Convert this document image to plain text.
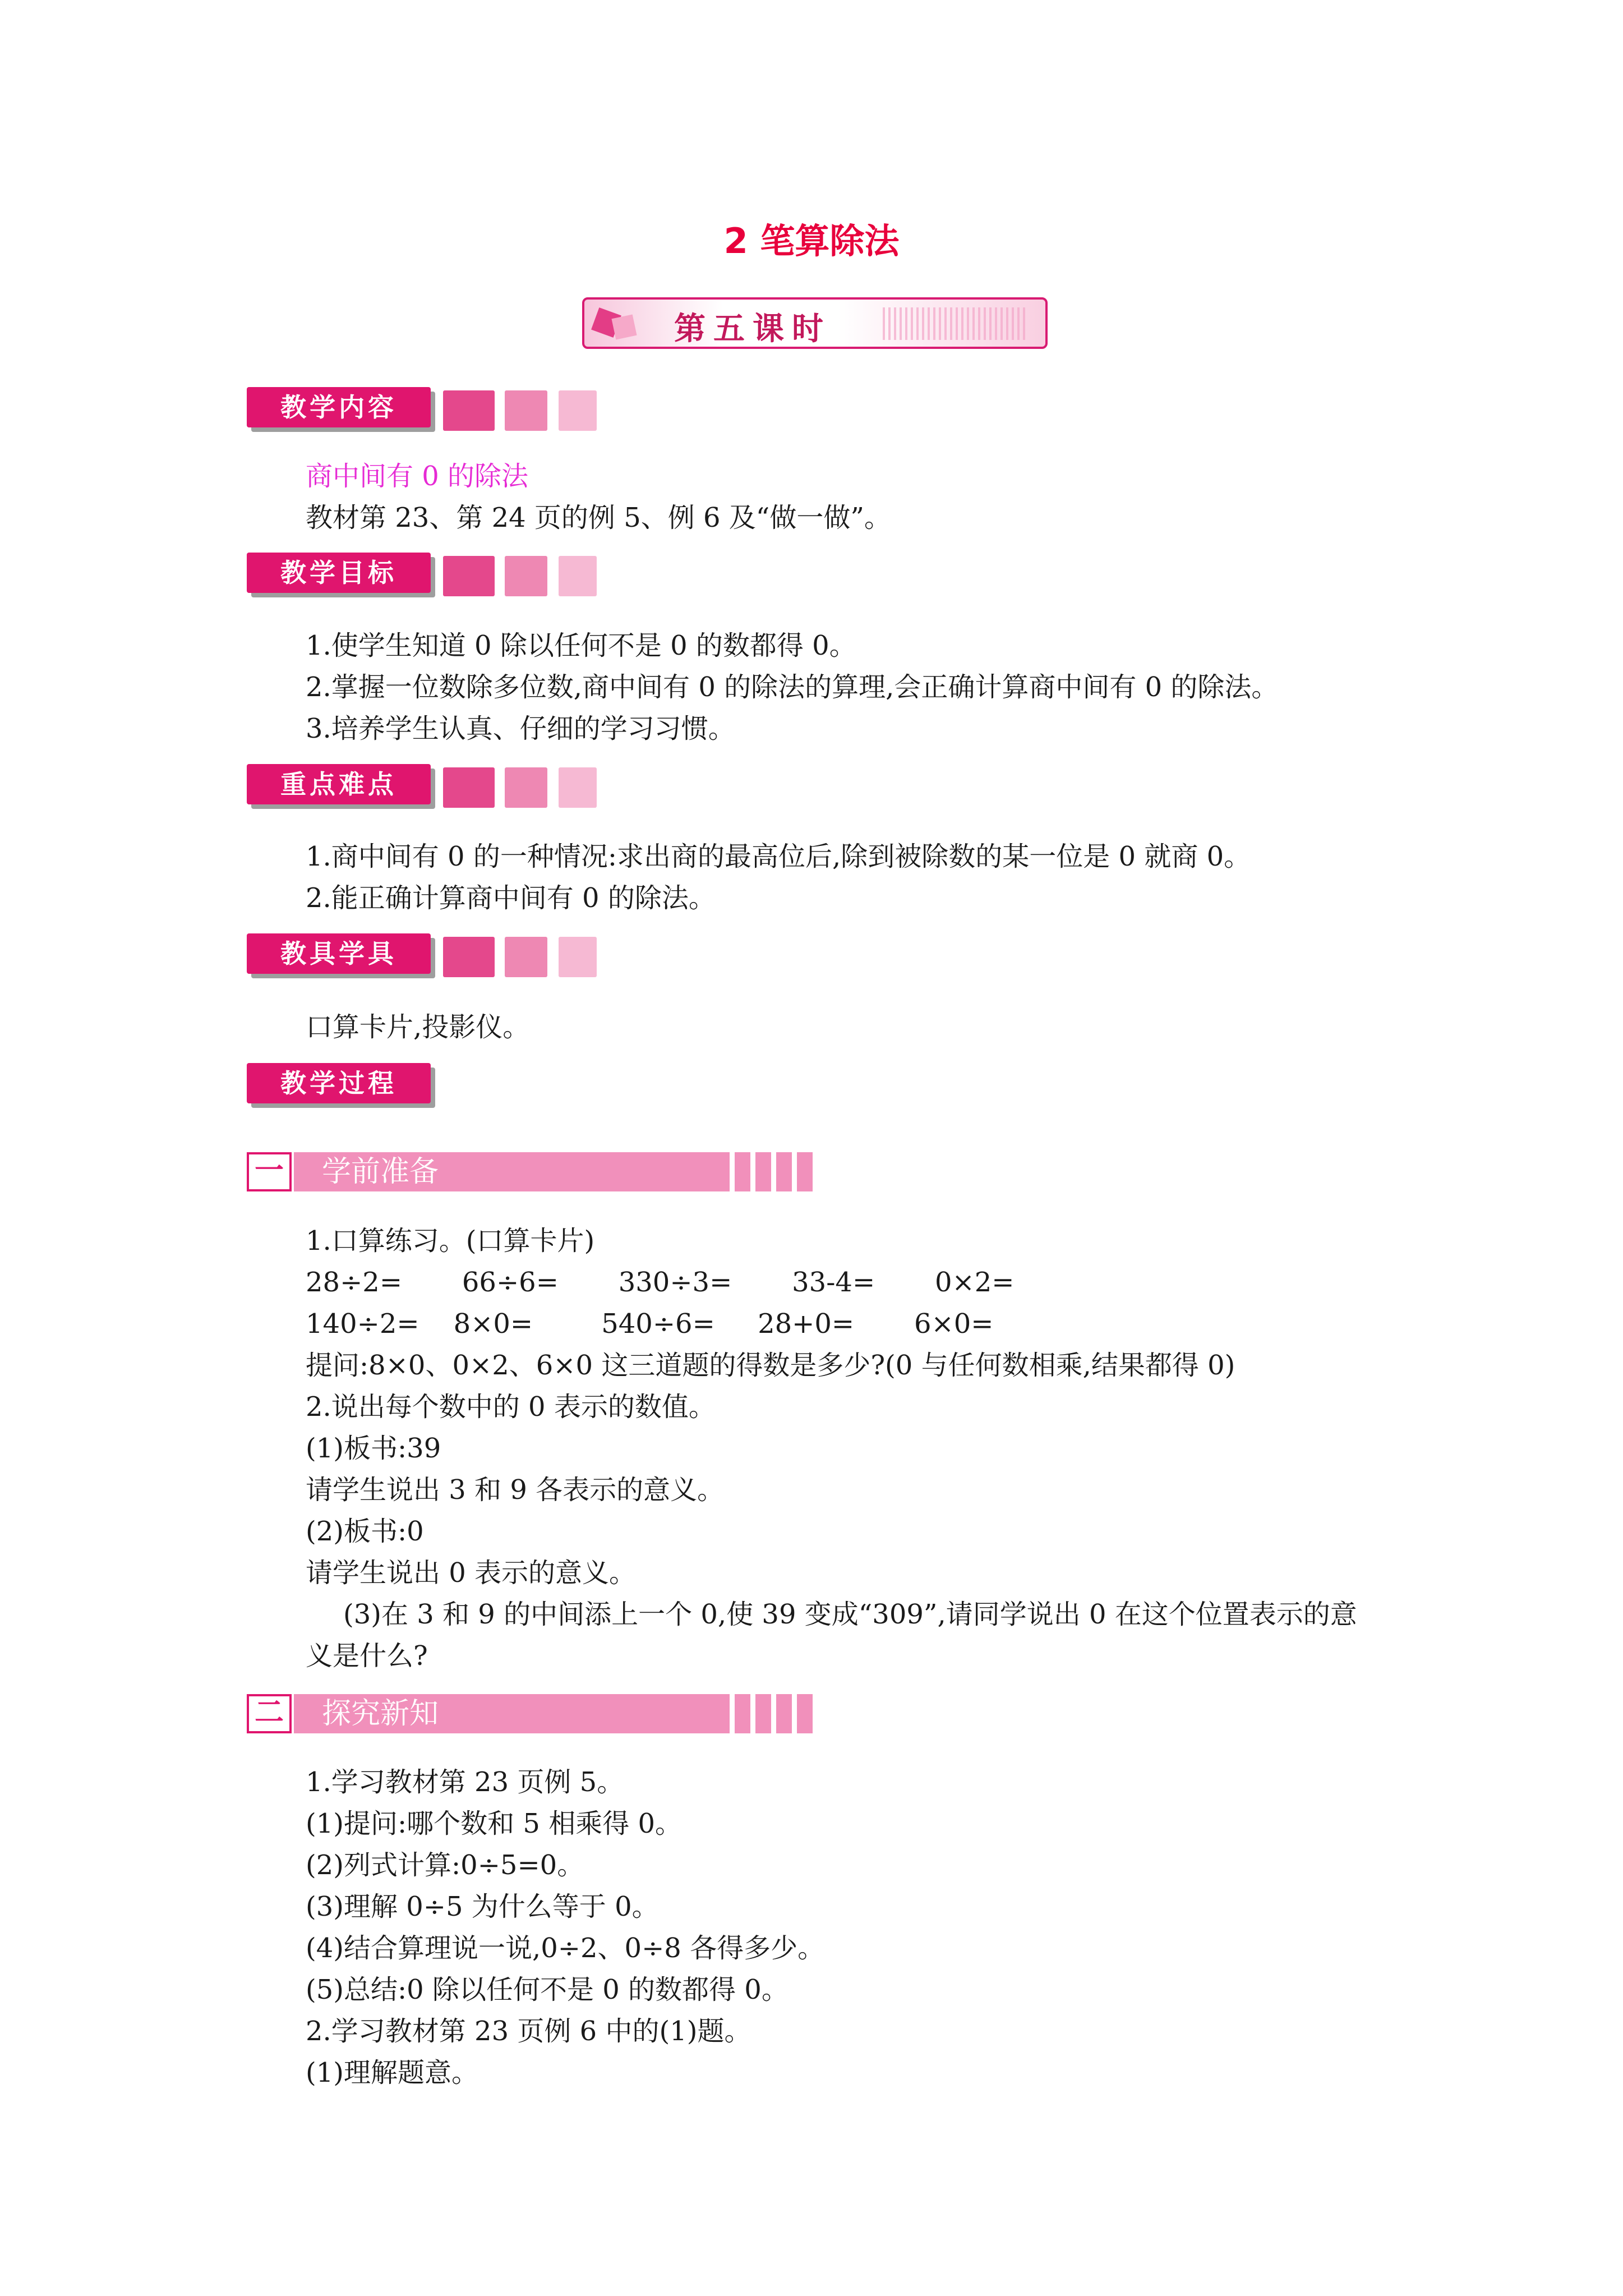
2 笔算除法
第五课时
教学内容
商中间有 0 的除法
教材第 23、第 24 页的例 5、例 6 及“做一做”。
教学目标
1.使学生知道 0 除以任何不是 0 的数都得 0。
2.掌握一位数除多位数,商中间有 0 的除法的算理,会正确计算商中间有 0 的除法。
3.培养学生认真、仔细的学习习惯。
重点难点
1.商中间有 0 的一种情况:求出商的最高位后,除到被除数的某一位是 0 就商 0。
2.能正确计算商中间有 0 的除法。
教具学具
口算卡片,投影仪。
教学过程
一 学前准备
1.口算练习。(口算卡片)
28÷2=       66÷6=       330÷3=       33-4=       0×2=
140÷2=    8×0=        540÷6=     28+0=       6×0=
提问:8×0、0×2、6×0 这三道题的得数是多少?(0 与任何数相乘,结果都得 0)
2.说出每个数中的 0 表示的数值。
(1)板书:39
请学生说出 3 和 9 各表示的意义。
(2)板书:0
请学生说出 0 表示的意义。
(3)在 3 和 9 的中间添上一个 0,使 39 变成“309”,请同学说出 0 在这个位置表示的意
义是什么?
二 探究新知
1.学习教材第 23 页例 5。
(1)提问:哪个数和 5 相乘得 0。
(2)列式计算:0÷5=0。
(3)理解 0÷5 为什么等于 0。
(4)结合算理说一说,0÷2、0÷8 各得多少。
(5)总结:0 除以任何不是 0 的数都得 0。
2.学习教材第 23 页例 6 中的(1)题。
(1)理解题意。
